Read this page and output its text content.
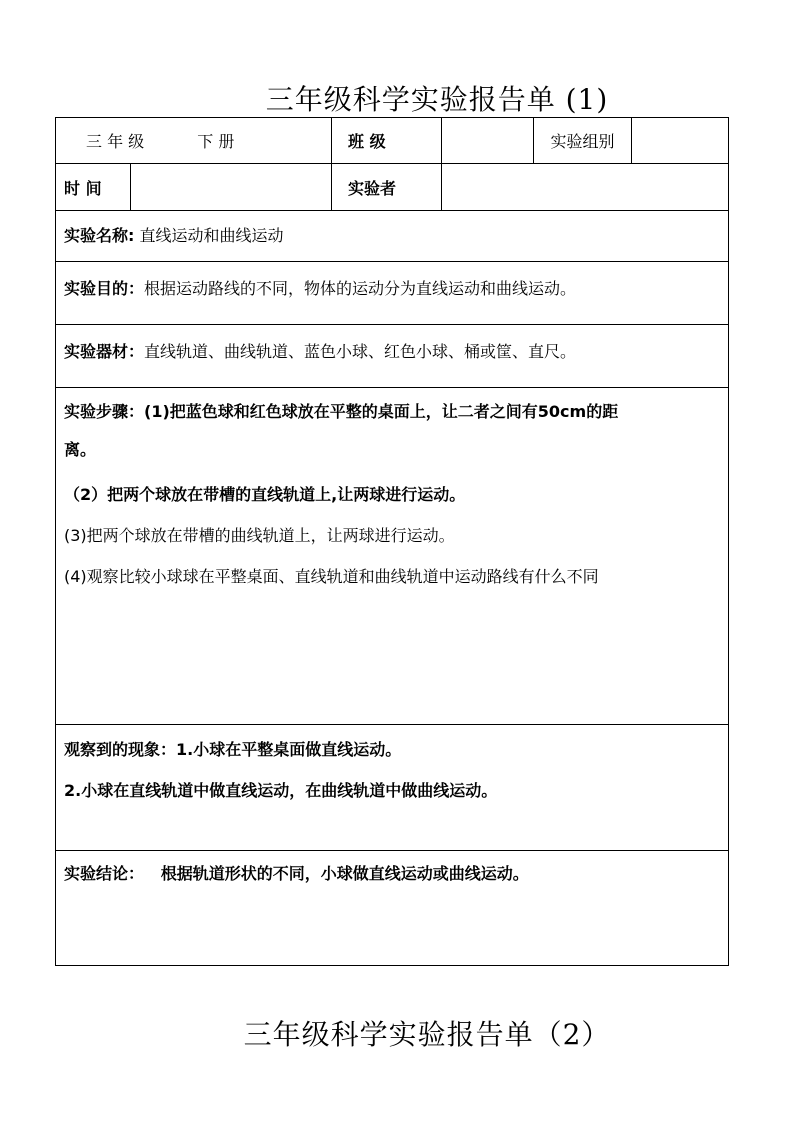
三年级科学实验报告单 (1)
三 年 级 下 册		班 级		实验组别	
时 间		实验者			

实验名称: 直线运动和曲线运动					

实验目的：根据运动路线的不同，物体的运动分为直线运动和曲线运动。					

实验器材：直线轨道、曲线轨道、蓝色小球、红色小球、桶或筐、直尺。					

实验步骤：(1)把蓝色球和红色球放在平整的桌面上，让二者之间有50cm的距
离。
（2）把两个球放在带槽的直线轨道上,让两球进行运动。
(3)把两个球放在带槽的曲线轨道上，让两球进行运动。
(4)观察比较小球球在平整桌面、直线轨道和曲线轨道中运动路线有什么不同					

观察到的现象：1.小球在平整桌面做直线运动。
2.小球在直线轨道中做直线运动，在曲线轨道中做曲线运动。					

实验结论：   根据轨道形状的不同，小球做直线运动或曲线运动。					
三年级科学实验报告单（2）
